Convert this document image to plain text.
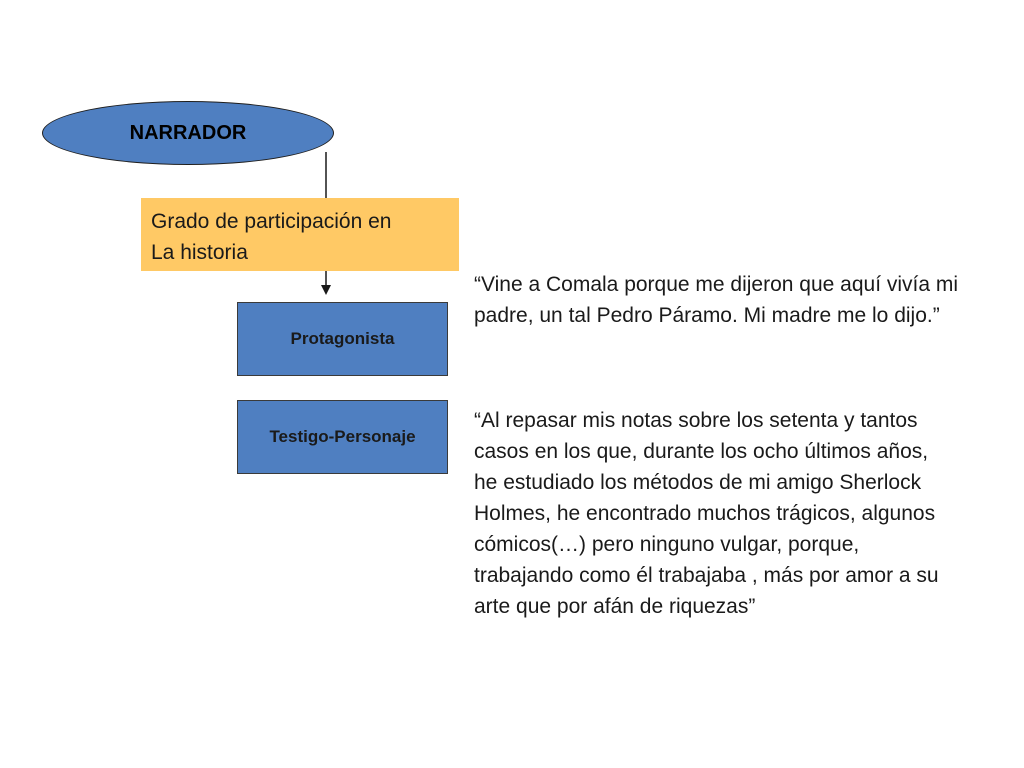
NARRADOR
Grado de participación en
La historia
Protagonista
Testigo-Personaje

“Vine a Comala porque me dijeron que aquí vivía mi padre, un tal Pedro Páramo. Mi madre me lo dijo.”

“Al repasar mis notas sobre los setenta y tantos casos en los que, durante los ocho últimos años, he estudiado los métodos de mi amigo Sherlock Holmes, he encontrado muchos trágicos, algunos cómicos(…) pero ninguno vulgar, porque, trabajando como él trabajaba , más por amor a su arte que por afán de riquezas”
